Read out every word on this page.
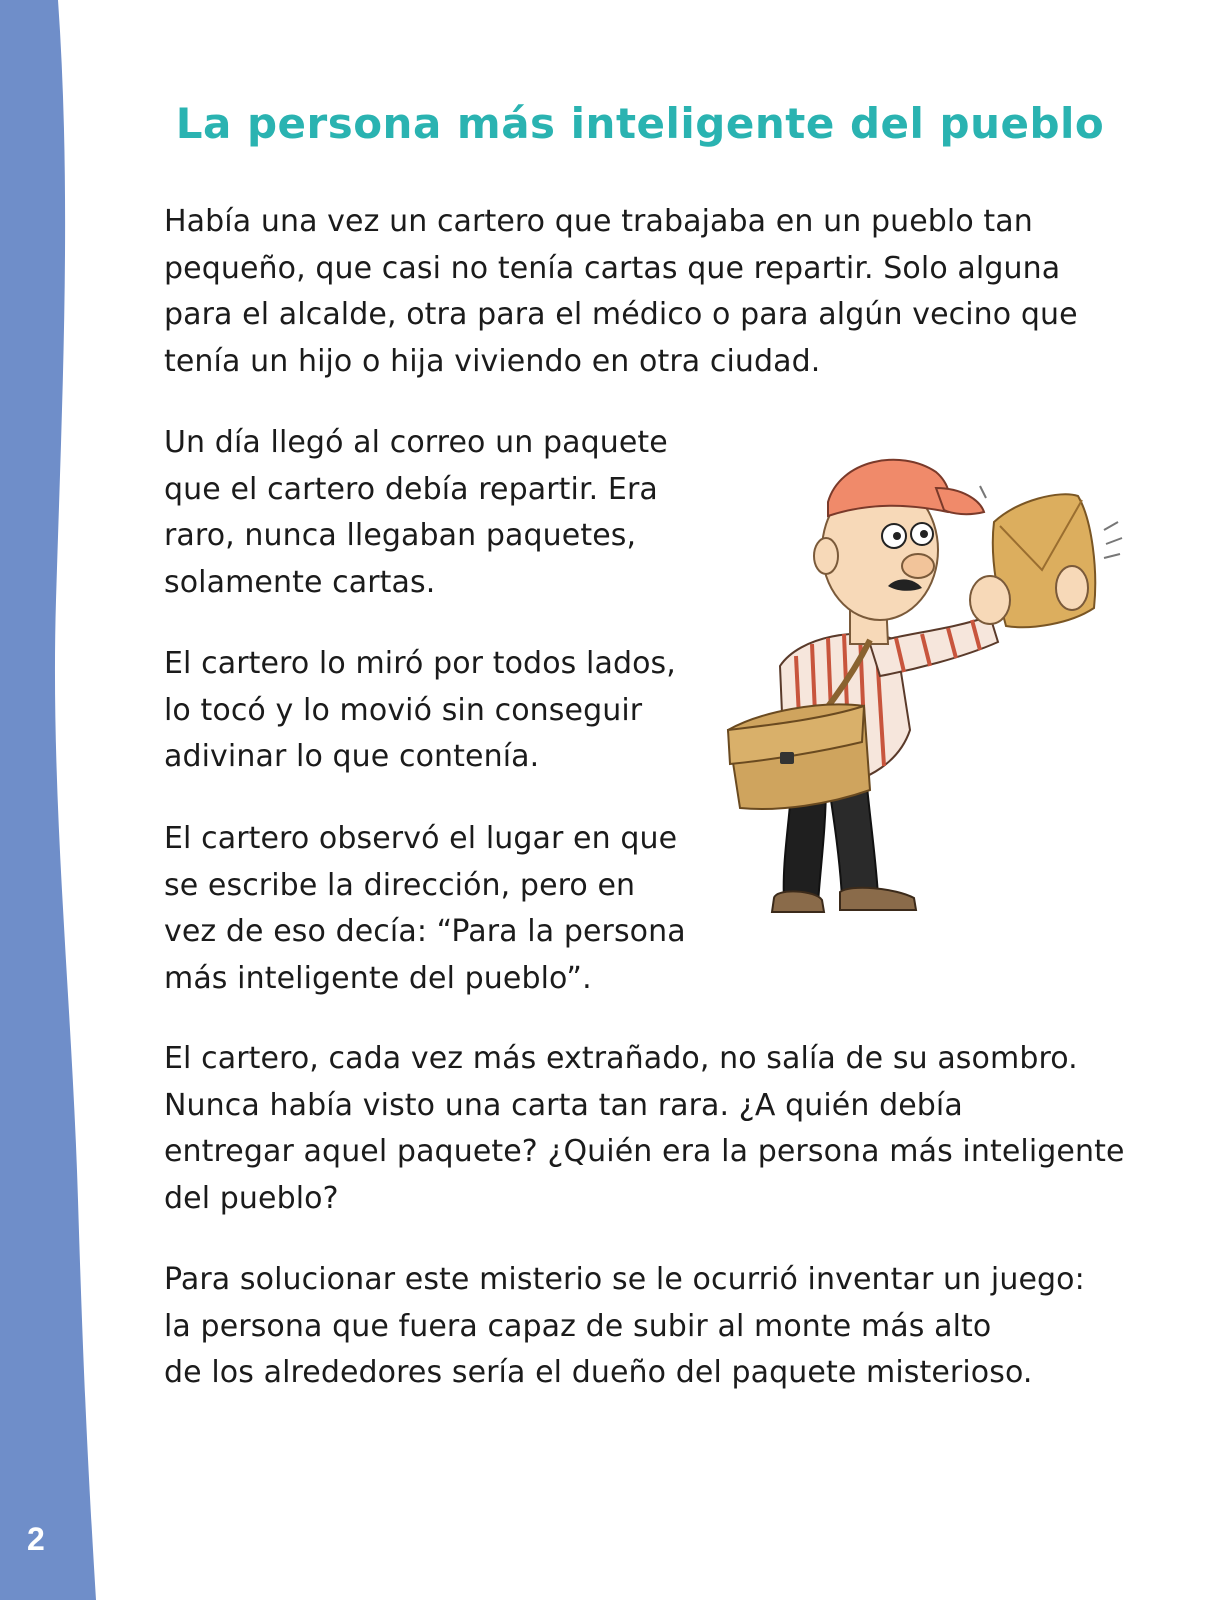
2
La persona más inteligente del pueblo

Había una vez un cartero que trabajaba en un pueblo tan
pequeño, que casi no tenía cartas que repartir. Solo alguna
para el alcalde, otra para el médico o para algún vecino que
tenía un hijo o hija viviendo en otra ciudad.

Un día llegó al correo un paquete
que el cartero debía repartir. Era
raro, nunca llegaban paquetes,
solamente cartas.

El cartero lo miró por todos lados,
lo tocó y lo movió sin conseguir
adivinar lo que contenía.

El cartero observó el lugar en que
se escribe la dirección, pero en
vez de eso decía: “Para la persona
más inteligente del pueblo”.

El cartero, cada vez más extrañado, no salía de su asombro.
Nunca había visto una carta tan rara. ¿A quién debía
entregar aquel paquete? ¿Quién era la persona más inteligente
del pueblo?

Para solucionar este misterio se le ocurrió inventar un juego:
la persona que fuera capaz de subir al monte más alto
de los alrededores sería el dueño del paquete misterioso.
